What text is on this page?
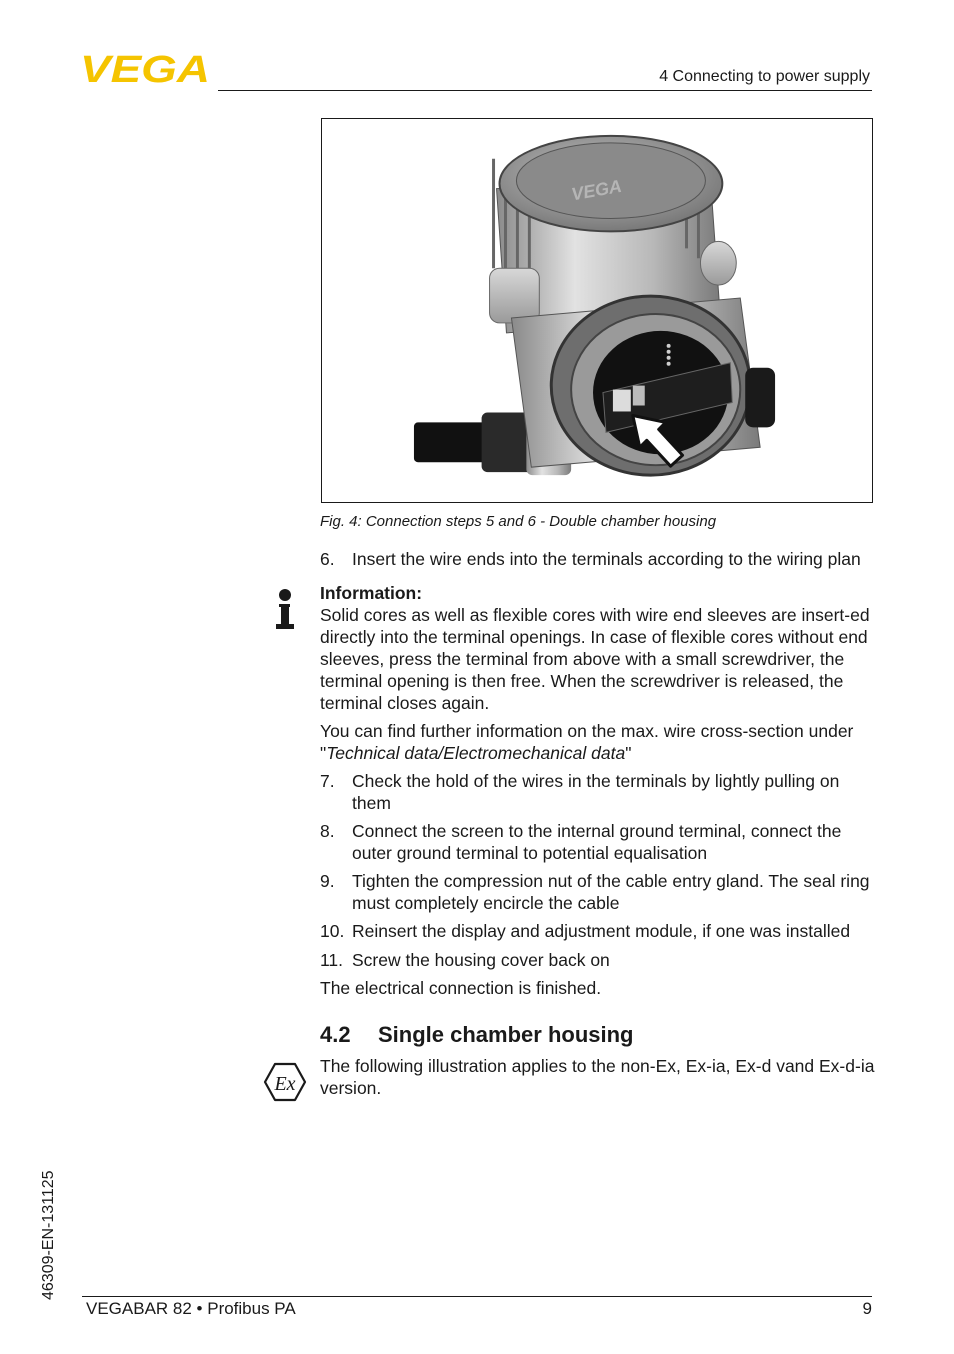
VEGA	4 Connecting to power supply
VEGA
Fig. 4: Connection steps 5 and 6 - Double chamber housing
6. Insert the wire ends into the terminals according to the wiring plan
Information:
Solid cores as well as flexible cores with wire end sleeves are insert-ed directly into the terminal openings. In case of flexible cores without end sleeves, press the terminal from above with a small screwdriver, the terminal opening is then free. When the screwdriver is released, the terminal closes again.
You can find further information on the max. wire cross-section under "Technical data/Electromechanical data"
7. Check the hold of the wires in the terminals by lightly pulling on them
8. Connect the screen to the internal ground terminal, connect the outer ground terminal to potential equalisation
9. Tighten the compression nut of the cable entry gland. The seal ring must completely encircle the cable
10. Reinsert the display and adjustment module, if one was installed
11. Screw the housing cover back on
The electrical connection is finished.
4.2 Single chamber housing
Ex
The following illustration applies to the non-Ex, Ex-ia, Ex-d vand Ex-d-ia version.
46309-EN-131125
VEGABAR 82 • Profibus PA	9
